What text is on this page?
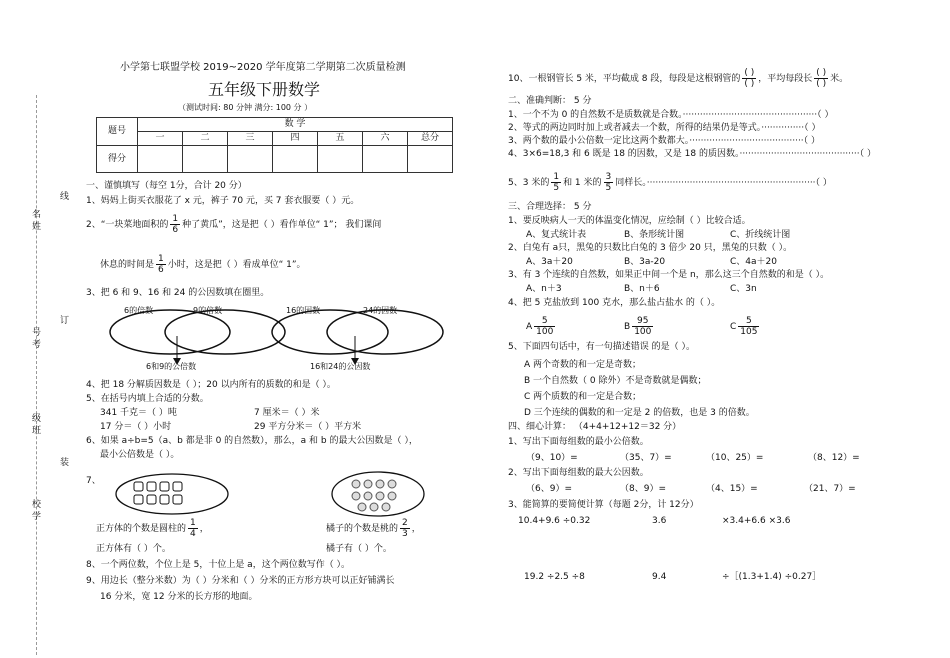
线
名
姓
订
号
考
级
班
装
校
学
小学第七联盟学校 2019~2020 学年度第二学期第二次质量检测
五年级下册数学
（测试时间: 80 分钟 满分: 100 分 ）
题号	数 学						
	一	二	三	四	五	六	总分
得分							
一、谨慎填写（每空 1分，合计 20 分）
1、妈妈上街买衣服花了 x 元，裤子 70 元，买 7 套衣服要（ ）元。
2、“一块菜地面积的 $\frac{1}{6}$ 种了黄瓜”，这是把（ ）看作单位“ 1”； 我们课间
休息的时间是 $\frac{1}{6}$ 小时，这是把（ ）看成单位“ 1”。
3、把 6 和 9、16 和 24 的公因数填在圈里。
6的倍数	9的倍数
6和9的公倍数
16的因数	24的因数
16和24的公因数
4、把 18 分解质因数是（ ）；20 以内所有的质数的和是（ ）。
5、在括号内填上合适的分数。
341 千克＝（ ）吨	7 厘米＝（ ）米
17 分＝（ ）小时	29 平方分米＝（ ）平方米
6、如果 a÷b=5（a、b 都是非 0 的自然数），那么，a 和 b 的最大公因数是（ ），
最小公倍数是（ ）。
7、
正方体的个数是圆柱的 $\frac{1}{4}$ ，
正方体有（ ）个。
橘子的个数是桃的 $\frac{2}{3}$ ，
橘子有（ ）个。
8、一个两位数，个位上是 5，十位上是 a，这个两位数写作（ ）。
9、用边长（整分米数）为（ ）分米和（ ）分米的正方形方块可以正好铺满长
16 分米，宽 12 分米的长方形的地面。
10、一根钢管长 5 米，平均截成 8 段，每段是这根钢管的 $\frac{( )}{( )}$ ，平均每段长 $\frac{( )}{( )}$ 米。
二、准确判断： 5 分
1、一个不为 0 的自然数不是质数就是合数。···············································（ ）
2、等式的两边同时加上或者减去一个数，所得的结果仍是等式。···············（ ）
3、两个数的最小公倍数一定比这两个数都大。········································（ ）
4、3×6=18,3 和 6 既是 18 的因数，又是 18 的质因数。··········································（ ）
5、3 米的 $\frac{1}{5}$ 和 1 米的 $\frac{3}{5}$ 同样长。···························································（ ）
三、合理选择： 5 分
1、要反映病人一天的体温变化情况，应绘制（ ）比较合适。
A、复式统计表	B、条形统计图	C、折线统计图
2、白兔有 a只，黑兔的只数比白兔的 3 倍少 20 只，黑兔的只数（ ）。
A、3a＋20	B、3a-20	C、4a＋20
3、有 3 个连续的自然数，如果正中间一个是 n，那么这三个自然数的和是（ ）。
A、n＋3	B、n＋6	C、3n
4、把 5 克盐放到 100 克水，那么盐占盐水 的（ ）。
A $\frac{5}{100}$	B $\frac{95}{100}$	C $\frac{5}{105}$
5、下面四句话中，有一句描述错误 的是（ ）。
A 两个奇数的和一定是奇数；
B 一个自然数（ 0 除外）不是奇数就是偶数；
C 两个质数的和一定是合数；
D 三个连续的偶数的和一定是 2 的倍数，也是 3 的倍数。
四、细心计算： （4+4+12+12＝32 分）
1、写出下面每组数的最小公倍数。
（9、10）=	（35、7）=	（10、25）=	（8、12）=
2、写出下面每组数的最大公因数。
（6、9）=	（8、9）=	（4、15）=	（21、7）=
3、能简算的要简便计算（每题 2分，计 12分）
10.4+9.6 ÷0.32	3.6	×3.4+6.6 ×3.6
19.2 ÷2.5 ÷8	9.4	÷［(1.3+1.4) ÷0.27］
